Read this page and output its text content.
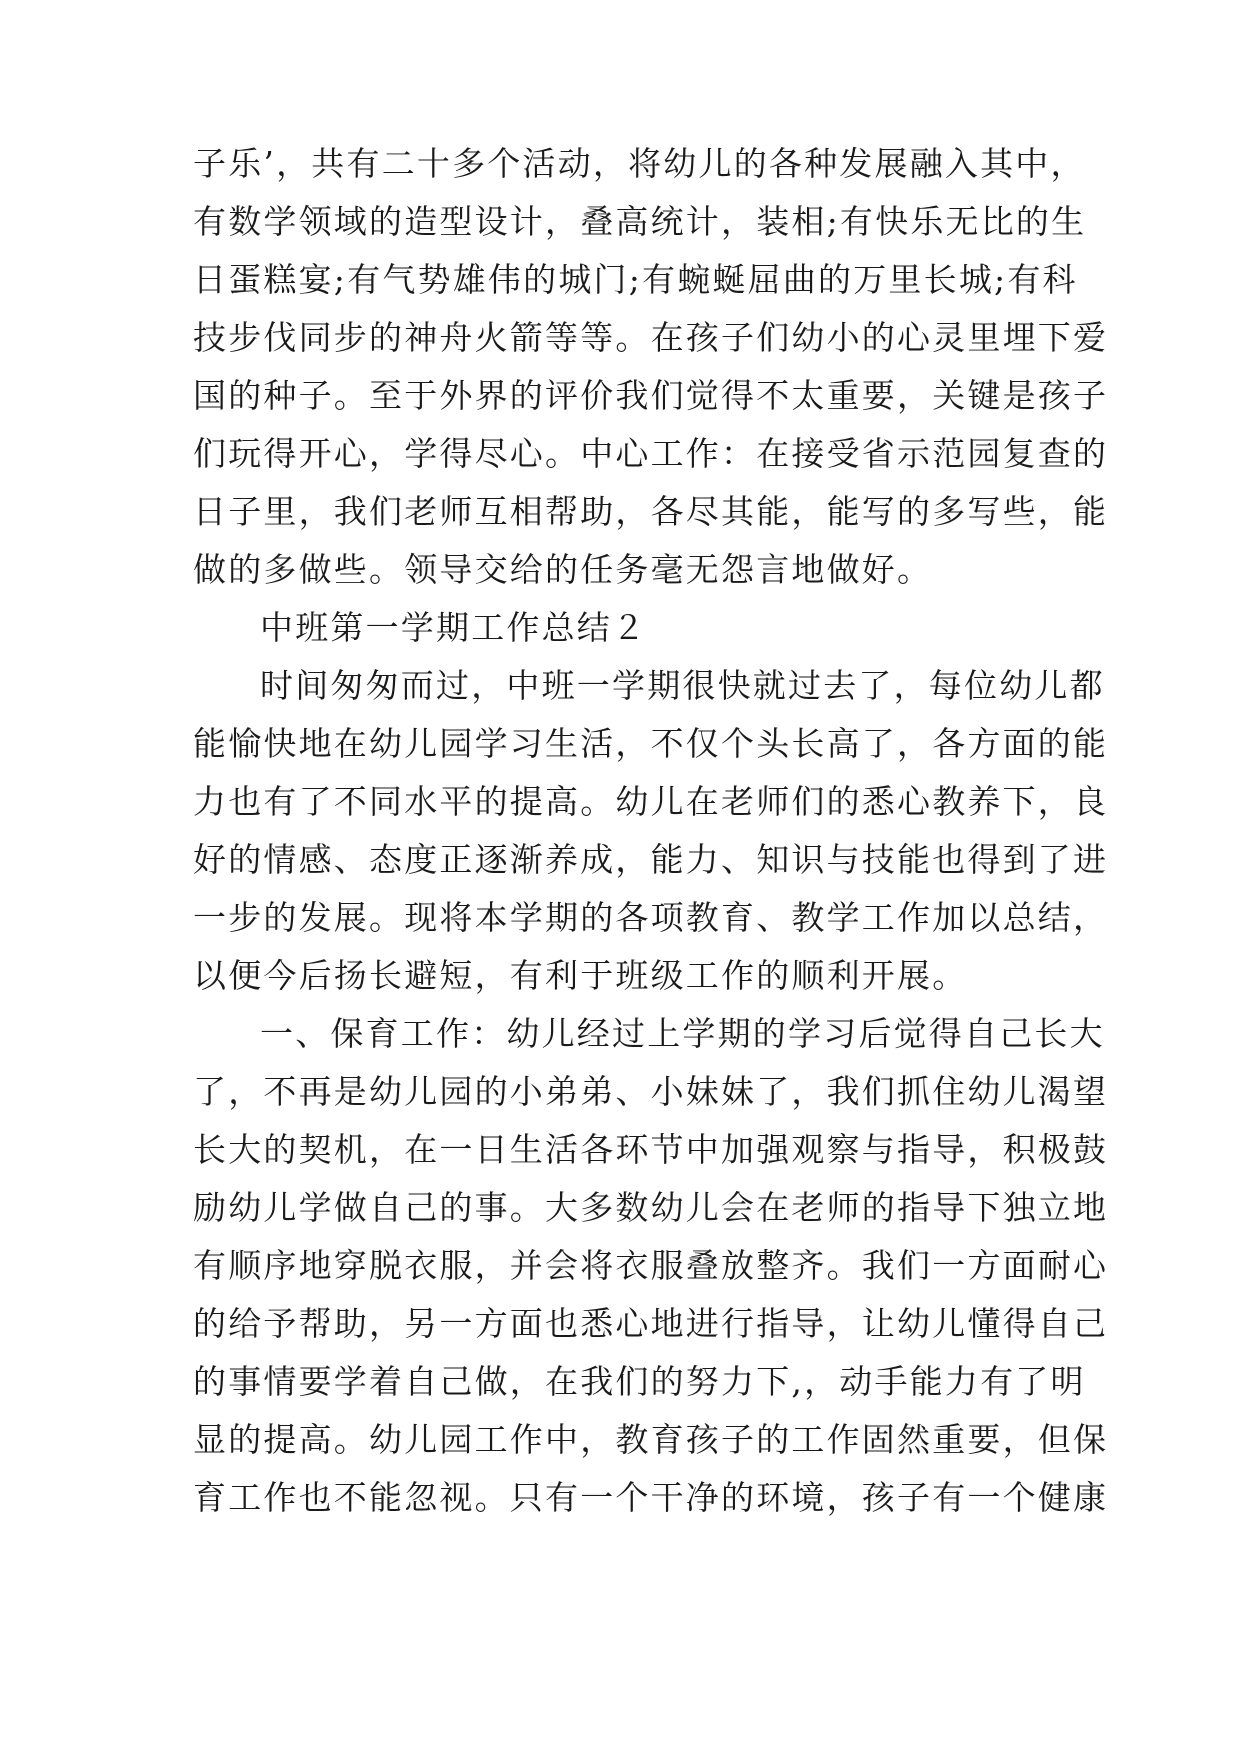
子乐’，共有二十多个活动，将幼儿的各种发展融入其中，
有数学领域的造型设计，叠高统计，装相;有快乐无比的生
日蛋糕宴;有气势雄伟的城门;有蜿蜒屈曲的万里长城;有科
技步伐同步的神舟火箭等等。在孩子们幼小的心灵里埋下爱
国的种子。至于外界的评价我们觉得不太重要，关键是孩子
们玩得开心，学得尽心。中心工作：在接受省示范园复查的
日子里，我们老师互相帮助，各尽其能，能写的多写些，能
做的多做些。领导交给的任务毫无怨言地做好。
中班第一学期工作总结２
时间匆匆而过，中班一学期很快就过去了，每位幼儿都
能愉快地在幼儿园学习生活，不仅个头长高了，各方面的能
力也有了不同水平的提高。幼儿在老师们的悉心教养下，良
好的情感、态度正逐渐养成，能力、知识与技能也得到了进
一步的发展。现将本学期的各项教育、教学工作加以总结，
以便今后扬长避短，有利于班级工作的顺利开展。
一、保育工作：幼儿经过上学期的学习后觉得自己长大
了，不再是幼儿园的小弟弟、小妹妹了，我们抓住幼儿渴望
长大的契机，在一日生活各环节中加强观察与指导，积极鼓
励幼儿学做自己的事。大多数幼儿会在老师的指导下独立地
有顺序地穿脱衣服，并会将衣服叠放整齐。我们一方面耐心
的给予帮助，另一方面也悉心地进行指导，让幼儿懂得自己
的事情要学着自己做，在我们的努力下,，动手能力有了明
显的提高。幼儿园工作中，教育孩子的工作固然重要，但保
育工作也不能忽视。只有一个干净的环境，孩子有一个健康
